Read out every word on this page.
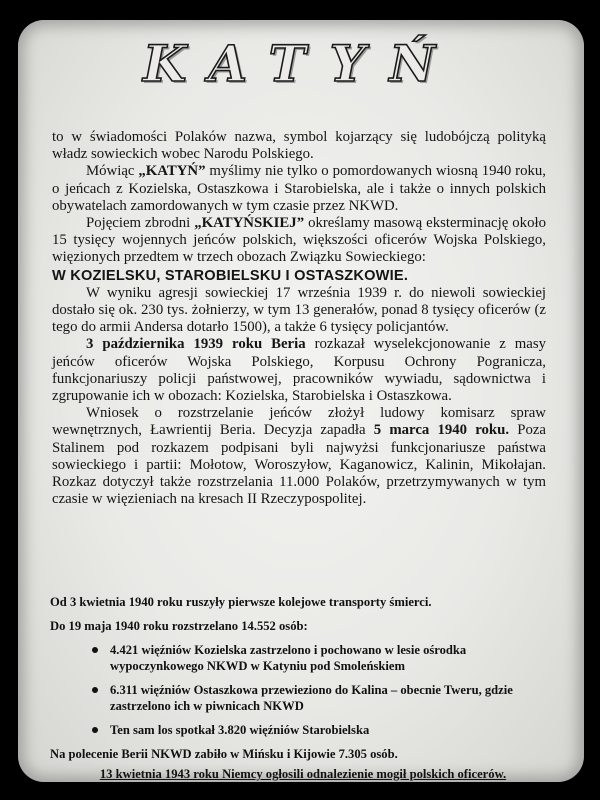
KATYŃ

to w świadomości Polaków nazwa, symbol kojarzący się ludobójczą polityką władz sowieckich wobec Narodu Polskiego.

Mówiąc „KATYŃ” myślimy nie tylko o pomordowanych wiosną 1940 roku, o jeńcach z Kozielska, Ostaszkowa i Starobielska, ale i także o innych polskich obywatelach zamordowanych w tym czasie przez NKWD.

Pojęciem zbrodni „KATYŃSKIEJ” określamy masową eksterminację około 15 tysięcy wojennych jeńców polskich, większości oficerów Wojska Polskiego, więzionych przedtem w trzech obozach Związku Sowieckiego:

W KOZIELSKU, STAROBIELSKU I OSTASZKOWIE.

W wyniku agresji sowieckiej 17 września 1939 r. do niewoli sowieckiej dostało się ok. 230 tys. żołnierzy, w tym 13 generałów, ponad 8 tysięcy oficerów (z tego do armii Andersa dotarło 1500), a także 6 tysięcy policjantów.

3 października 1939 roku Beria rozkazał wyselekcjonowanie z masy jeńców oficerów Wojska Polskiego, Korpusu Ochrony Pogranicza, funkcjonariuszy policji państwowej, pracowników wywiadu, sądownictwa i zgrupowanie ich w obozach: Kozielska, Starobielska i Ostaszkowa.

Wniosek o rozstrzelanie jeńców złożył ludowy komisarz spraw wewnętrznych, Ławrientij Beria. Decyzja zapadła 5 marca 1940 roku. Poza Stalinem pod rozkazem podpisani byli najwyżsi funkcjonariusze państwa sowieckiego i partii: Mołotow, Woroszyłow, Kaganowicz, Kalinin, Mikołajan. Rozkaz dotyczył także rozstrzelania 11.000 Polaków, przetrzymywanych w tym czasie w więzieniach na kresach II Rzeczypospolitej.

Od 3 kwietnia 1940 roku ruszyły pierwsze kolejowe transporty śmierci.

Do 19 maja 1940 roku rozstrzelano 14.552 osób:

4.421 więźniów Kozielska zastrzelono i pochowano w lesie ośrodka wypoczynkowego NKWD w Katyniu pod Smoleńskiem
6.311 więźniów Ostaszkowa przewieziono do Kalina – obecnie Tweru, gdzie zastrzelono ich w piwnicach NKWD
Ten sam los spotkał 3.820 więźniów Starobielska

Na polecenie Berii NKWD zabiło w Mińsku i Kijowie 7.305 osób.

13 kwietnia 1943 roku Niemcy ogłosili odnalezienie mogił polskich oficerów.
